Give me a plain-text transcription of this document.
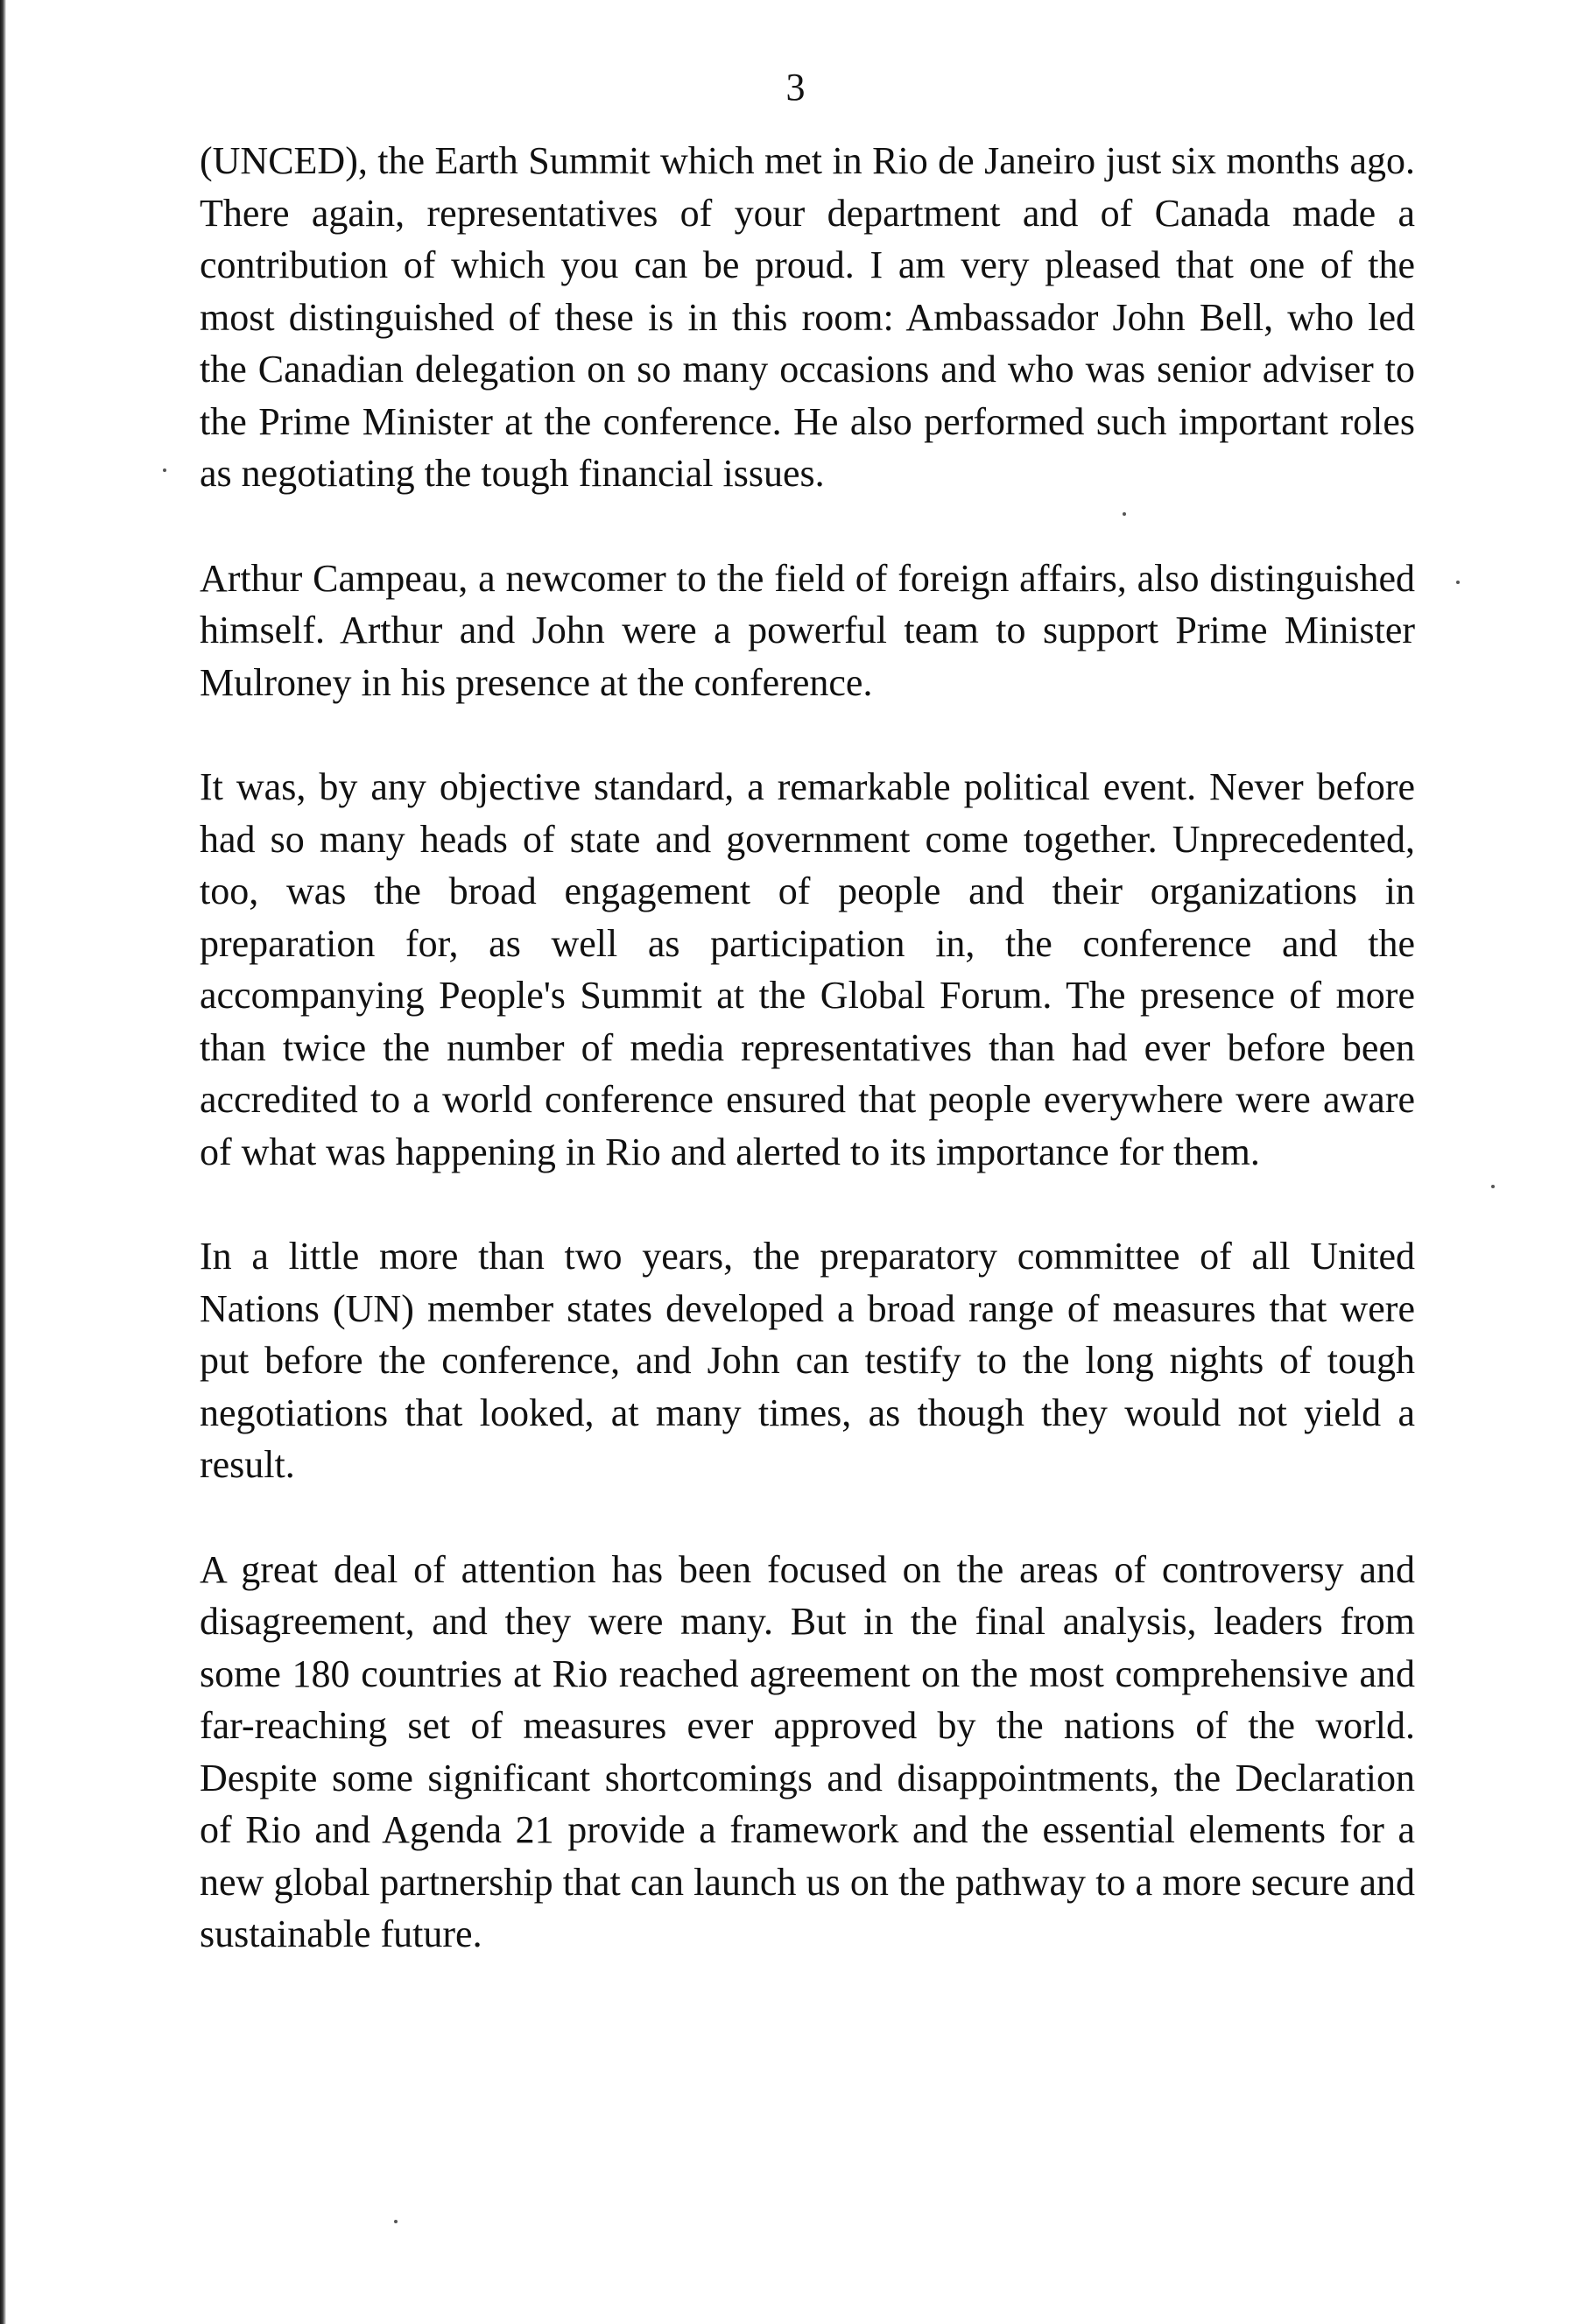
3

(UNCED), the Earth Summit which met in Rio de Janeiro just six months ago. There again, representatives of your department and of Canada made a contribution of which you can be proud. I am very pleased that one of the most distinguished of these is in this room: Ambassador John Bell, who led the Canadian delegation on so many occasions and who was senior adviser to the Prime Minister at the conference. He also performed such important roles as negotiating the tough financial issues.

Arthur Campeau, a newcomer to the field of foreign affairs, also distinguished himself. Arthur and John were a powerful team to support Prime Minister Mulroney in his presence at the conference.

It was, by any objective standard, a remarkable political event. Never before had so many heads of state and government come together. Unprecedented, too, was the broad engagement of people and their organizations in preparation for, as well as participation in, the conference and the accompanying People's Summit at the Global Forum. The presence of more than twice the number of media representatives than had ever before been accredited to a world conference ensured that people everywhere were aware of what was happening in Rio and alerted to its importance for them.

In a little more than two years, the preparatory committee of all United Nations (UN) member states developed a broad range of measures that were put before the conference, and John can testify to the long nights of tough negotiations that looked, at many times, as though they would not yield a result.

A great deal of attention has been focused on the areas of controversy and disagreement, and they were many. But in the final analysis, leaders from some 180 countries at Rio reached agreement on the most comprehensive and far-reaching set of measures ever approved by the nations of the world. Despite some significant shortcomings and disappointments, the Declaration of Rio and Agenda 21 provide a framework and the essential elements for a new global partnership that can launch us on the pathway to a more secure and sustainable future.
